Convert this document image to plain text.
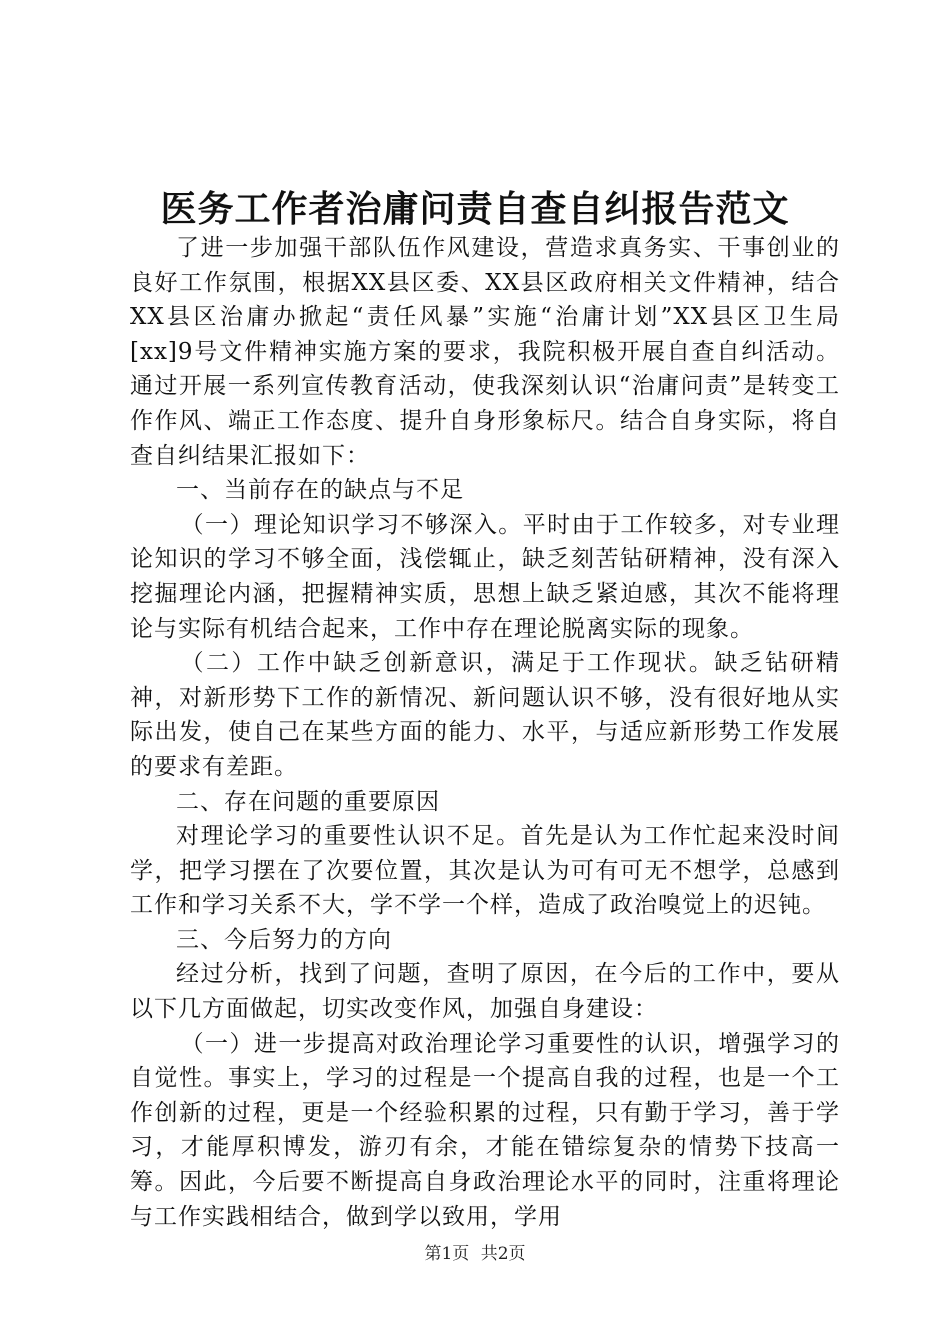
医务工作者治庸问责自查自纠报告范文

了进一步加强干部队伍作风建设，营造求真务实、干事创业的良好工作氛围，根据XX县区委、XX县区政府相关文件精神，结合XX县区治庸办掀起“责任风暴”实施“治庸计划”XX县区卫生局[xx]9号文件精神实施方案的要求，我院积极开展自查自纠活动。通过开展一系列宣传教育活动，使我深刻认识“治庸问责”是转变工作作风、端正工作态度、提升自身形象标尺。结合自身实际，将自查自纠结果汇报如下：

一、当前存在的缺点与不足

（一）理论知识学习不够深入。平时由于工作较多，对专业理论知识的学习不够全面，浅偿辄止，缺乏刻苦钻研精神，没有深入挖掘理论内涵，把握精神实质，思想上缺乏紧迫感，其次不能将理论与实际有机结合起来，工作中存在理论脱离实际的现象。

（二）工作中缺乏创新意识，满足于工作现状。缺乏钻研精神，对新形势下工作的新情况、新问题认识不够，没有很好地从实际出发，使自己在某些方面的能力、水平，与适应新形势工作发展的要求有差距。

二、存在问题的重要原因

对理论学习的重要性认识不足。首先是认为工作忙起来没时间学，把学习摆在了次要位置，其次是认为可有可无不想学，总感到工作和学习关系不大，学不学一个样，造成了政治嗅觉上的迟钝。

三、今后努力的方向

经过分析，找到了问题，查明了原因，在今后的工作中，要从以下几方面做起，切实改变作风，加强自身建设：

（一）进一步提高对政治理论学习重要性的认识，增强学习的自觉性。事实上，学习的过程是一个提高自我的过程，也是一个工作创新的过程，更是一个经验积累的过程，只有勤于学习，善于学习，才能厚积博发，游刃有余，才能在错综复杂的情势下技高一筹。因此，今后要不断提高自身政治理论水平的同时，注重将理论与工作实践相结合，做到学以致用，学用

第1页 共2页
